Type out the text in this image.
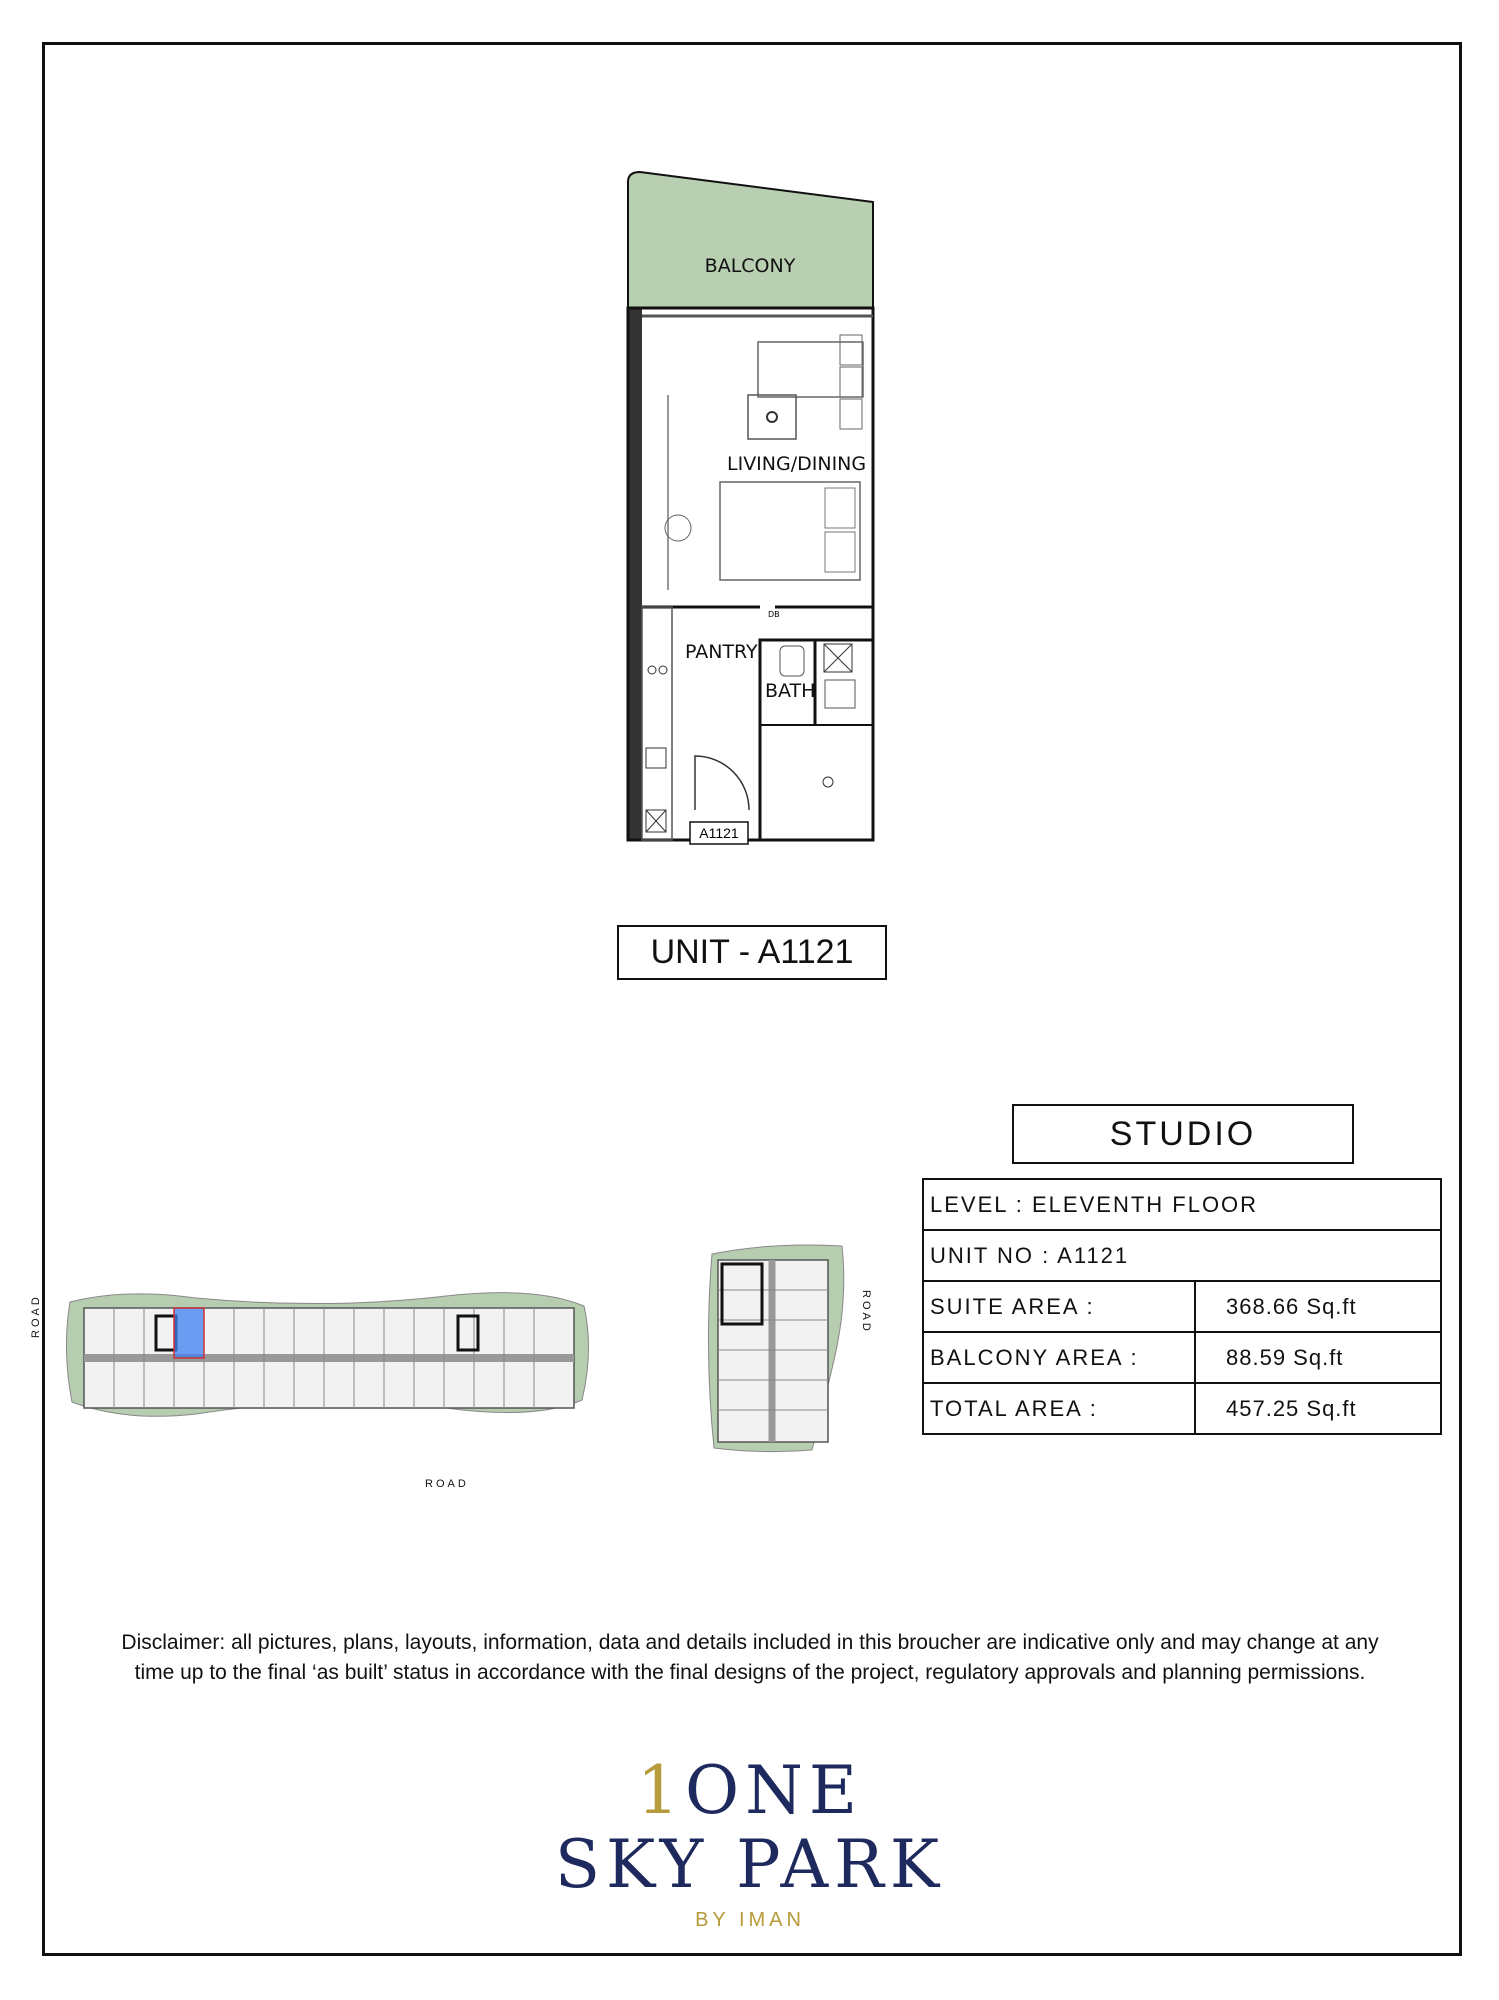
BALCONY
LIVING/DINING
PANTRY
DB
BATH
A1121
UNIT - A1121
STUDIO
LEVEL : ELEVENTH FLOOR	
UNIT NO : A1121	
SUITE AREA :	368.66 Sq.ft
BALCONY AREA :	88.59 Sq.ft
TOTAL AREA :	457.25 Sq.ft
ROAD
ROAD
ROAD
Disclaimer: all pictures, plans, layouts, information, data and details included in this broucher are indicative only and may change at any time up to the final ‘as built’ status in accordance with the final designs of the project, regulatory approvals and planning permissions.
1ONE
SKY PARK
BY IMAN
